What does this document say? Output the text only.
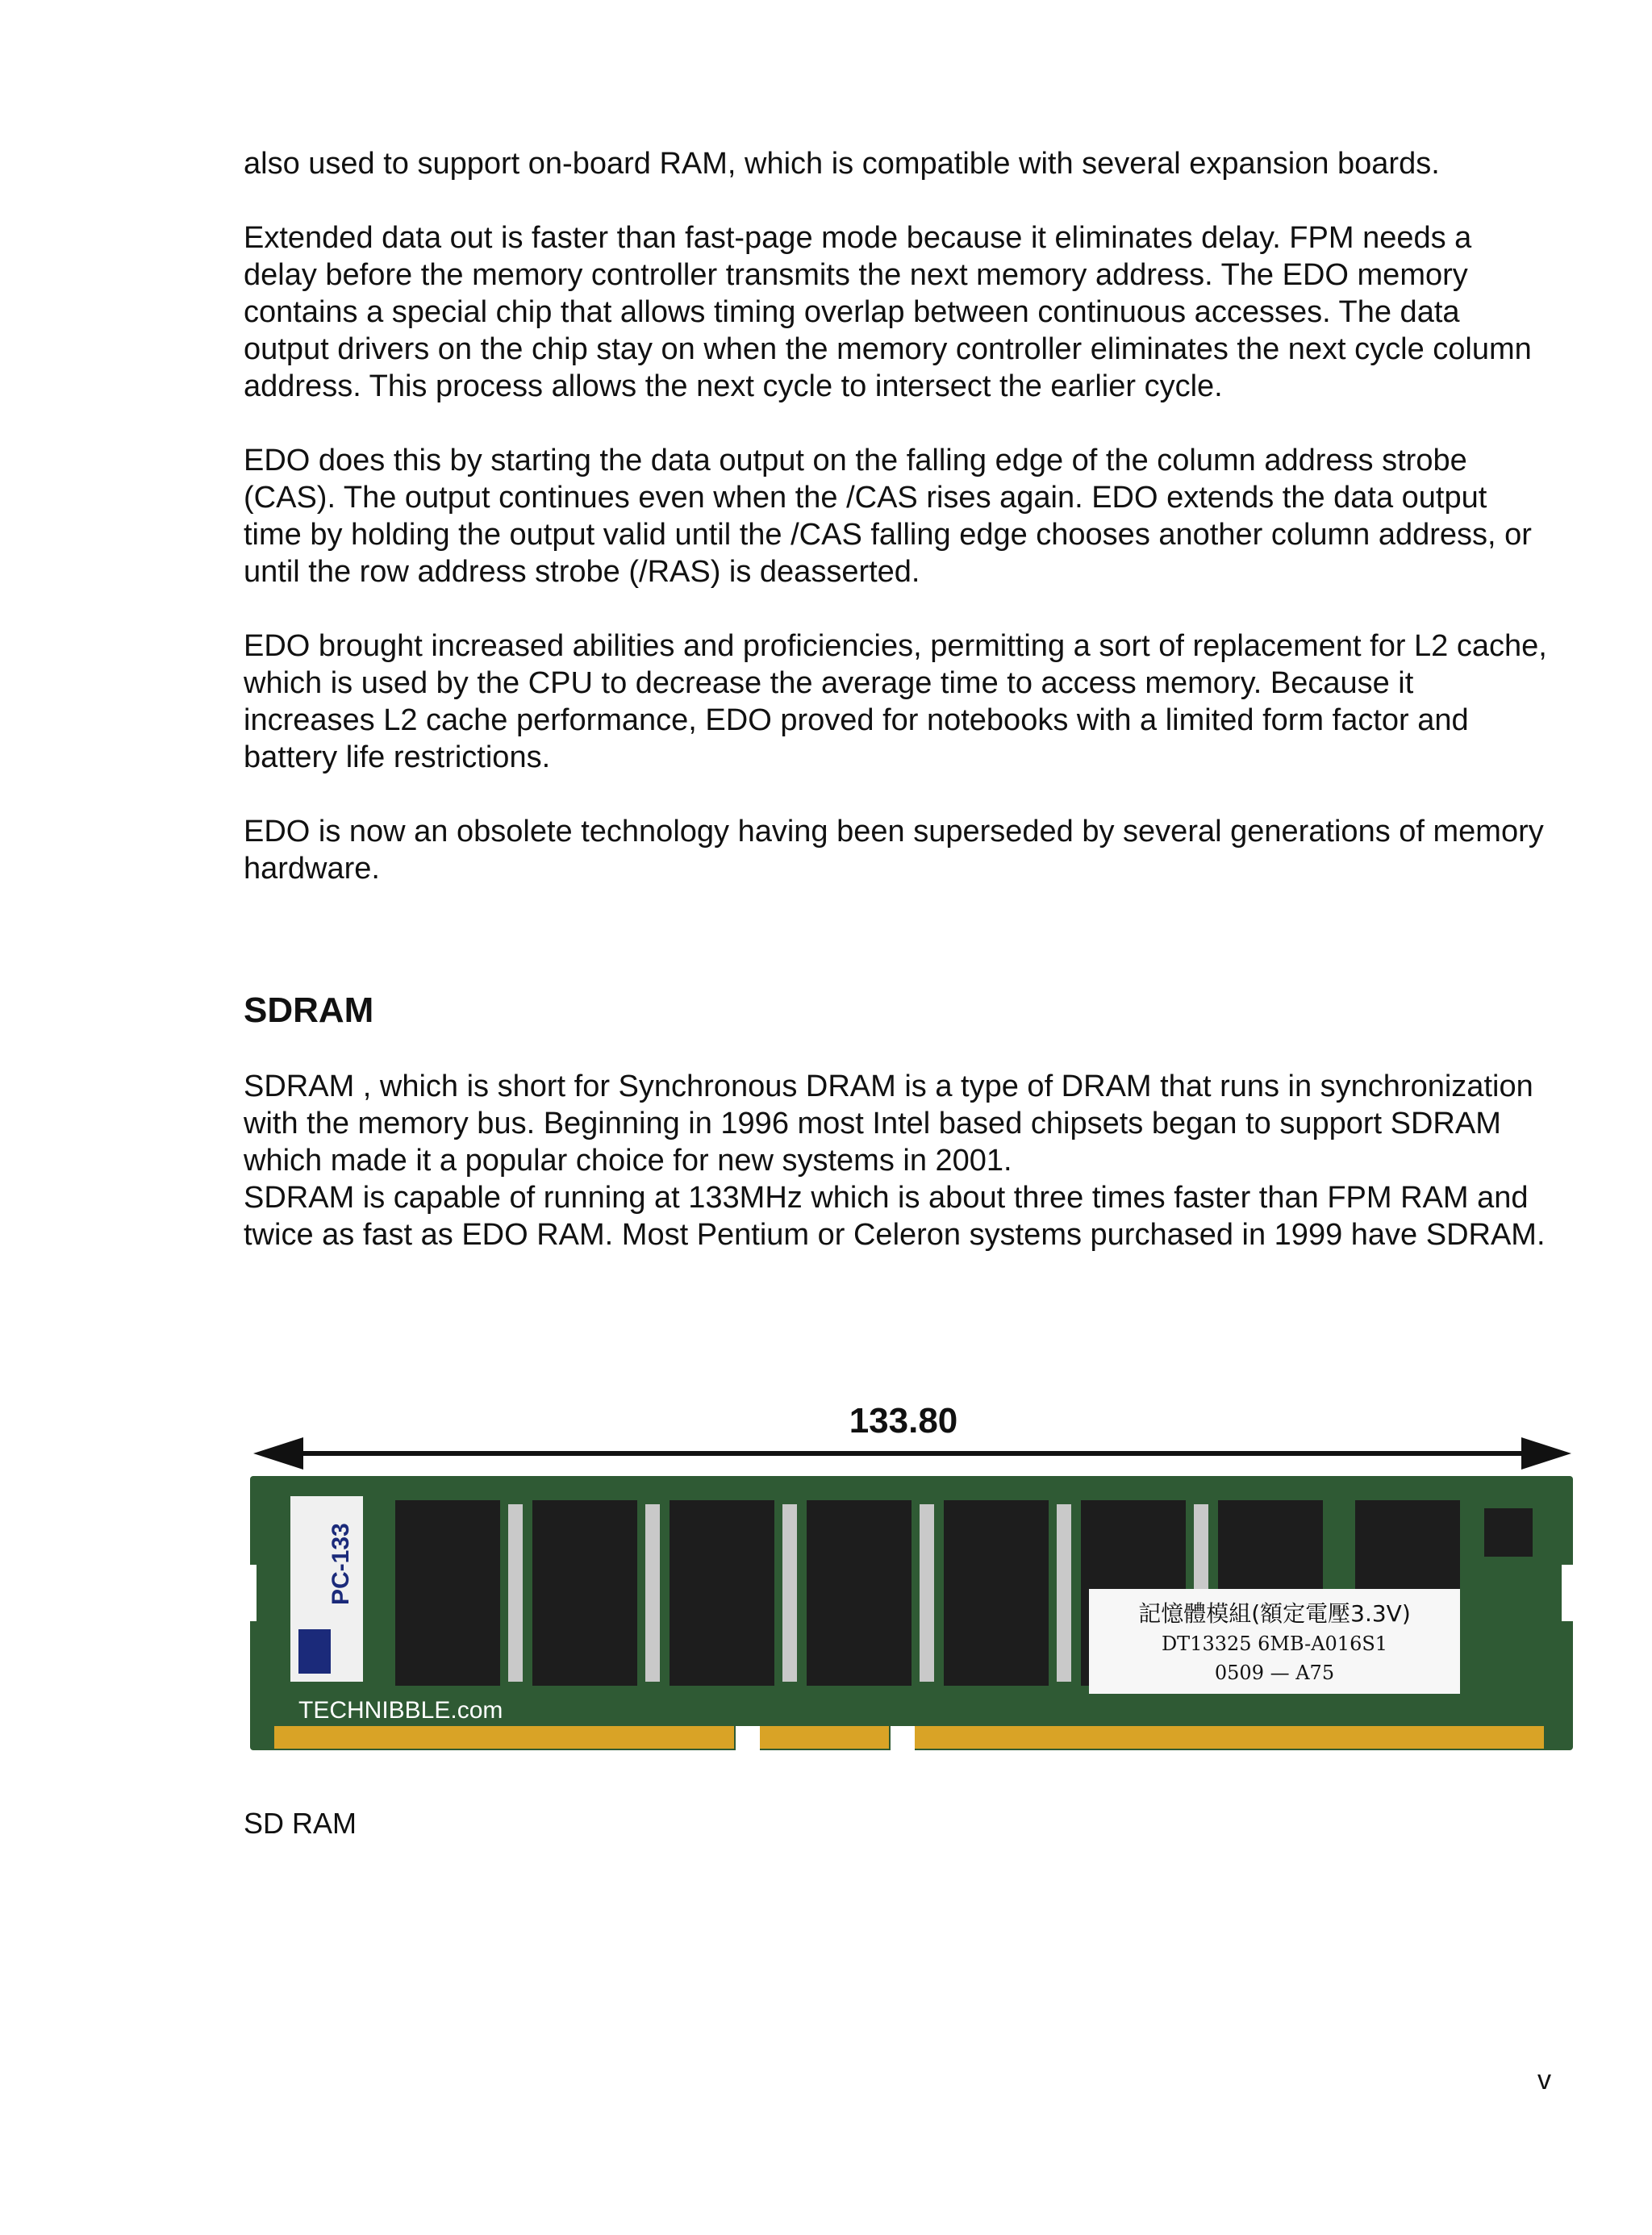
also used to support on-board RAM, which is compatible with several expansion boards.

Extended data out is faster than fast-page mode because it eliminates delay. FPM needs a delay before the memory controller transmits the next memory address. The EDO memory contains a special chip that allows timing overlap between continuous accesses. The data output drivers on the chip stay on when the memory controller eliminates the next cycle column address. This process allows the next cycle to intersect the earlier cycle.

EDO does this by starting the data output on the falling edge of the column address strobe (CAS). The output continues even when the /CAS rises again. EDO extends the data output time by holding the output valid until the /CAS falling edge chooses another column address, or until the row address strobe (/RAS) is deasserted.

EDO brought increased abilities and proficiencies, permitting a sort of replacement for L2 cache, which is used by the CPU to decrease the average time to access memory. Because it increases L2 cache performance, EDO proved for notebooks with a limited form factor and battery life restrictions.

EDO is now an obsolete technology having been superseded by several generations of memory hardware.

SDRAM

SDRAM , which is short for Synchronous DRAM is a type of DRAM that runs in synchronization with the memory bus. Beginning in 1996 most Intel based chipsets began to support SDRAM which made it a popular choice for new systems in 2001.

SDRAM is capable of running at 133MHz which is about three times faster than FPM RAM and twice as fast as EDO RAM. Most Pentium or Celeron systems purchased in 1999 have SDRAM.

133.80
PC-133
記憶體模組(額定電壓3.3V)
DT13325 6MB-A016S1
0509 — A75
TECHNIBBLE.com
SD RAM
v
